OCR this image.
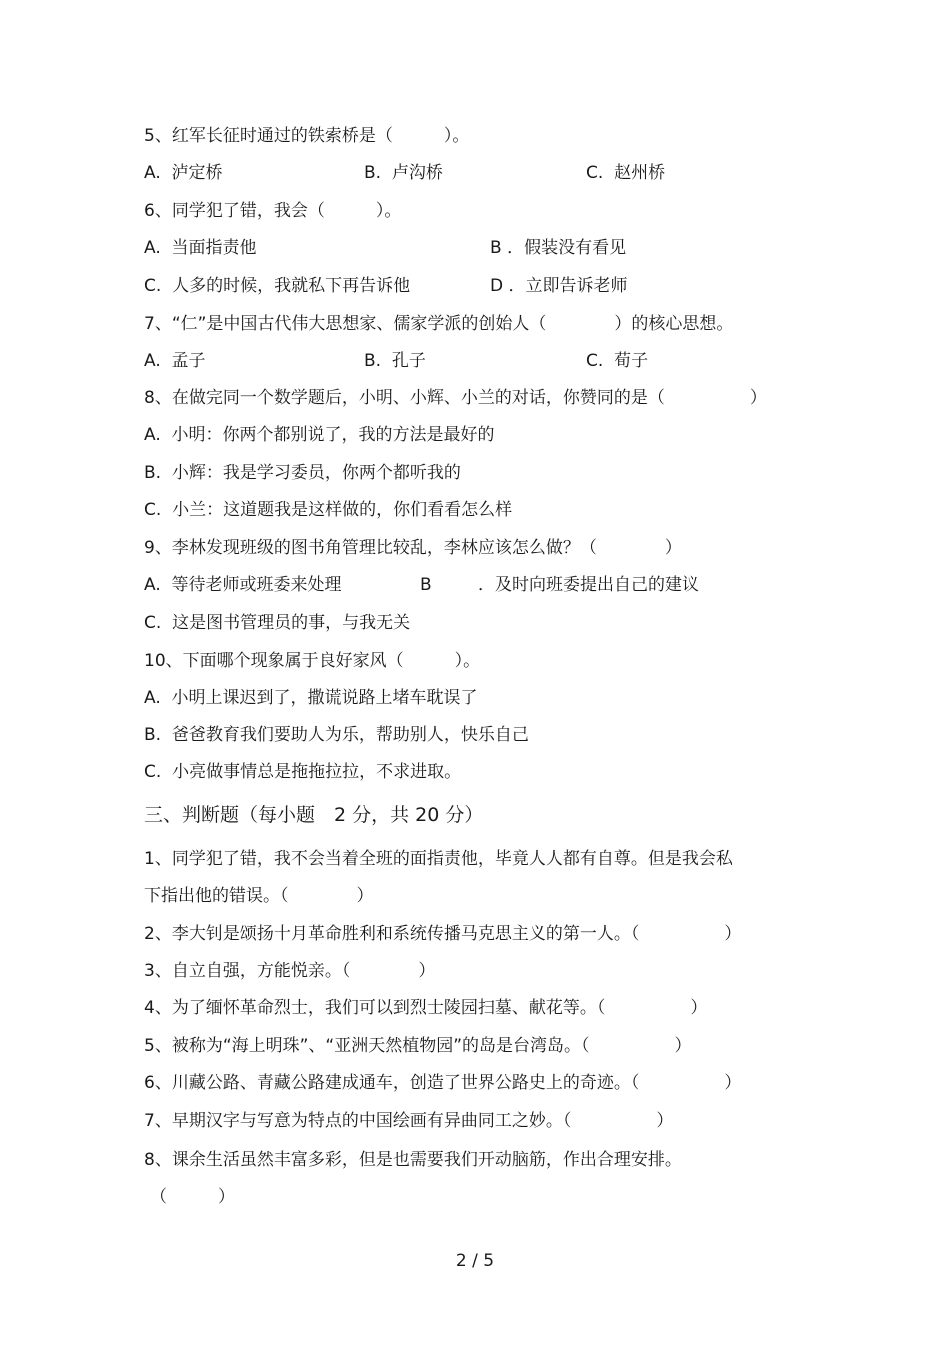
5、红军长征时通过的铁索桥是（　　　）。
A.  泸定桥	B.  卢沟桥	C.  赵州桥
6、同学犯了错，我会（　　　）。
A.  当面指责他	B ．假装没有看见
C.  人多的时候，我就私下再告诉他	D ．立即告诉老师
7、“仁”是中国古代伟大思想家、儒家学派的创始人（　　　　）的核心思想。
A.  孟子	B.  孔子	C.  荀子
8、在做完同一个数学题后，小明、小辉、小兰的对话，你赞同的是（　　　　　）
A.  小明：你两个都别说了，我的方法是最好的
B.  小辉：我是学习委员，你两个都听我的
C.  小兰：这道题我是这样做的，你们看看怎么样
9、李林发现班级的图书角管理比较乱，李林应该怎么做？（　　　　）
A.  等待老师或班委来处理	B	．及时向班委提出自己的建议
C.  这是图书管理员的事，与我无关
10、下面哪个现象属于良好家风（　　　）。
A.  小明上课迟到了，撒谎说路上堵车耽误了
B.  爸爸教育我们要助人为乐，帮助别人，快乐自己
C.  小亮做事情总是拖拖拉拉，不求进取。
三、判断题（每小题　2 分，共 20 分）
1、同学犯了错，我不会当着全班的面指责他，毕竟人人都有自尊。但是我会私
下指出他的错误。（　　　　）
2、李大钊是颂扬十月革命胜利和系统传播马克思主义的第一人。（　　　　　）
3、自立自强，方能悦亲。（　　　　）
4、为了缅怀革命烈士，我们可以到烈士陵园扫墓、献花等。（　　　　　）
5、被称为“海上明珠”、“亚洲天然植物园”的岛是台湾岛。（　　　　　）
6、川藏公路、青藏公路建成通车，创造了世界公路史上的奇迹。（　　　　　）
7、早期汉字与写意为特点的中国绘画有异曲同工之妙。（　　　　　）
8、课余生活虽然丰富多彩，但是也需要我们开动脑筋，作出合理安排。
（　　　）
2 / 5
